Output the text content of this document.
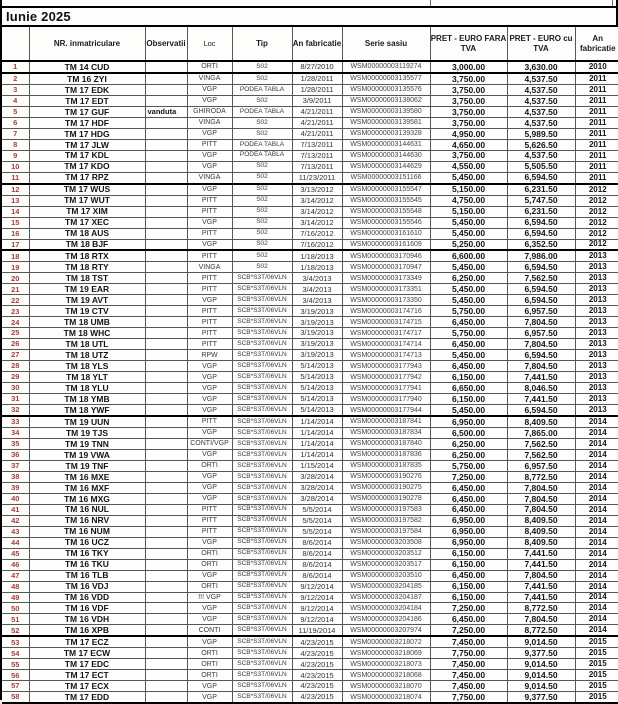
Iunie 2025
	NR. inmatriculare	Observatii	Loc	Tip	An fabricatie	Serie sasiu	PRET - EURO FARA TVA	PRET - EURO cu TVA	An fabricatie
1	TM 14 CUD		ORTI	S02	8/27/2010	WSM00000003119274	3,000.00	3,630.00	2010
2	TM 16 ZYI		VINGA	S02	1/28/2011	WSM00000003135577	3,750.00	4,537.50	2011
3	TM 17 EDK		VGP	PODEA TABLA	1/28/2011	WSM00000003135576	3,750.00	4,537.50	2011
4	TM 17 EDT		VGP	S02	3/9/2011	WSM00000003138062	3,750.00	4,537.50	2011
5	TM 17 GUF	vanduta	GHIRODA	PODEA TABLA	4/21/2011	WSM00000003139580	3,750.00	4,537.50	2011
6	TM 17 HDF		VINGA	S02	4/21/2011	WSM00000003139581	3,750.00	4,537.50	2011
7	TM 17 HDG		VGP	S02	4/21/2011	WSM00000003139328	4,950.00	5,989.50	2011
8	TM 17 JLW		PITT	PODEA TABLA	7/13/2011	WSM00000003144631	4,650.00	5,626.50	2011
9	TM 17 KDL		VGP	PODEA TABLA	7/13/2011	WSM00000003144630	3,750.00	4,537.50	2011
10	TM 17 KDO		VGP	S02	7/13/2011	WSM00000003144629	4,550.00	5,505.50	2011
11	TM 17 RPZ		VINGA	S02	11/23/2011	WSM00000003151166	5,450.00	6,594.50	2011
12	TM 17 WUS		VGP	S02	3/13/2012	WSM00000003155547	5,150.00	6,231.50	2012
13	TM 17 WUT		PITT	S02	3/14/2012	WSM00000003155545	4,750.00	5,747.50	2012
14	TM 17 XIM		PITT	S02	3/14/2012	WSM00000003155548	5,150.00	6,231.50	2012
15	TM 17 XEC		VGP	S02	3/14/2012	WSM00000003155546	5,450.00	6,594.50	2012
16	TM 18 AUS		PITT	S02	7/16/2012	WSM00000003161610	5,450.00	6,594.50	2012
17	TM 18 BJF		VGP	S02	7/16/2012	WSM00000003161609	5,250.00	6,352.50	2012
18	TM 18 RTX		PITT	S02	1/18/2013	WSM00000003170946	6,600.00	7,986.00	2013
19	TM 18 RTY		VINGA	S02	1/18/2013	WSM00000003170947	5,450.00	6,594.50	2013
20	TM 18 TST		PITT	SCB*S3T/06VLN	3/4/2013	WSM00000003173349	6,250.00	7,562.50	2013
21	TM 19 EAR		PITT	SCB*S3T/06VLN	3/4/2013	WSM00000003173351	5,450.00	6,594.50	2013
22	TM 19 AVT		VGP	SCB*S3T/06VLN	3/4/2013	WSM00000003173350	5,450.00	6,594.50	2013
23	TM 19 CTV		PITT	SCB*S3T/06VLN	3/19/2013	WSM00000003174716	5,750.00	6,957.50	2013
24	TM 18 UMB		PITT	SCB*S3T/06VLN	3/19/2013	WSM00000003174715	6,450.00	7,804.50	2013
25	TM 18 WHC		PITT	SCB*S3T/06VLN	3/19/2013	WSM00000003174717	5,750.00	6,957.50	2013
26	TM 18 UTL		PITT	SCB*S3T/06VLN	3/19/2013	WSM00000003174714	6,450.00	7,804.50	2013
27	TM 18 UTZ		RPW	SCB*S3T/06VLN	3/19/2013	WSM00000003174713	5,450.00	6,594.50	2013
28	TM 18 YLS		VGP	SCB*S3T/06VLN	5/14/2013	WSM00000003177943	6,450.00	7,804.50	2013
29	TM 18 YLT		VGP	SCB*S3T/06VLN	5/14/2013	WSM00000003177942	6,150.00	7,441.50	2013
30	TM 18 YLU		VGP	SCB*S3T/06VLN	5/14/2013	WSM00000003177941	6,650.00	8,046.50	2013
31	TM 18 YMB		VGP	SCB*S3T/06VLN	5/14/2013	WSM00000003177940	6,150.00	7,441.50	2013
32	TM 18 YWF		VGP	SCB*S3T/06VLN	5/14/2013	WSM00000003177944	5,450.00	6,594.50	2013
33	TM 19 UUN		PITT	SCB*S3T/06VLN	1/14/2014	WSM00000003187841	6,950.00	8,409.50	2014
34	TM 19 TJS		VGP	SCB*S3T/06VLN	1/14/2014	WSM00000003187834	6,500.00	7,865.00	2014
35	TM 19 TNN		CONTI/VGP	SCB*S3T/06VLN	1/14/2014	WSM00000003187840	6,250.00	7,562.50	2014
36	TM 19 VWA		VGP	SCB*S3T/06VLN	1/14/2014	WSM00000003187836	6,250.00	7,562.50	2014
37	TM 19 TNF		ORTI	SCB*S3T/06VLN	1/15/2014	WSM00000003187835	5,750.00	6,957.50	2014
38	TM 16 MXE		VGP	SCB*S3T/06VLN	3/28/2014	WSM00000003190276	7,250.00	8,772.50	2014
39	TM 16 MXF		VGP	SCB*S3T/06VLN	3/28/2014	WSM00000003190275	6,450.00	7,804.50	2014
40	TM 16 MXG		VGP	SCB*S3T/06VLN	3/28/2014	WSM00000003190278	6,450.00	7,804.50	2014
41	TM 16 NUL		PITT	SCB*S3T/06VLN	5/5/2014	WSM00000003197583	6,450.00	7,804.50	2014
42	TM 16 NRV		PITT	SCB*S3T/06VLN	5/5/2014	WSM00000003197582	6,950.00	8,409.50	2014
43	TM 16 NUM		PITT	SCB*S3T/06VLN	5/5/2014	WSM00000003197584	6,950.00	8,409.50	2014
44	TM 16 UCZ		VGP	SCB*S3T/06VLN	8/6/2014	WSM00000003203508	6,950.00	8,409.50	2014
45	TM 16 TKY		ORTI	SCB*S3T/06VLN	8/6/2014	WSM00000003203512	6,150.00	7,441.50	2014
46	TM 16 TKU		ORTI	SCB*S3T/06VLN	8/6/2014	WSM00000003203517	6,150.00	7,441.50	2014
47	TM 16 TLB		VGP	SCB*S3T/06VLN	8/6/2014	WSM00000003203510	6,450.00	7,804.50	2014
48	TM 16 VDJ		ORTI	SCB*S3T/06VLN	9/12/2014	WSM00000003204185	6,150.00	7,441.50	2014
49	TM 16 VDD		!!! VGP	SCB*S3T/06VLN	9/12/2014	WSM00000003204187	6,150.00	7,441.50	2014
50	TM 16 VDF		VGP	SCB*S3T/06VLN	9/12/2014	WSM00000003204184	7,250.00	8,772.50	2014
51	TM 16 VDH		VGP	SCB*S3T/06VLN	9/12/2014	WSM00000003204186	6,450.00	7,804.50	2014
52	TM 16 XPB		CONTI	SCB*S3T/06VLN	11/19/2014	WSM00000003207974	7,250.00	8,772.50	2014
53	TM 17 ECZ		VGP	SCB*S3T/06VLN	4/23/2015	WSM00000003218072	7,450.00	9,014.50	2015
54	TM 17 ECW		ORTI	SCB*S3T/06VLN	4/23/2015	WSM00000003218069	7,750.00	9,377.50	2015
55	TM 17 EDC		ORTI	SCB*S3T/06VLN	4/23/2015	WSM00000003218073	7,450.00	9,014.50	2015
56	TM 17 ECT		ORTI	SCB*S3T/06VLN	4/23/2015	WSM00000003218068	7,450.00	9,014.50	2015
57	TM 17 ECX		VGP	SCB*S3T/06VLN	4/23/2015	WSM00000003218070	7,450.00	9,014.50	2015
58	TM 17 EDD		VGP	SCB*S3T/06VLN	4/23/2015	WSM00000003218074	7,750.00	9,377.50	2015
